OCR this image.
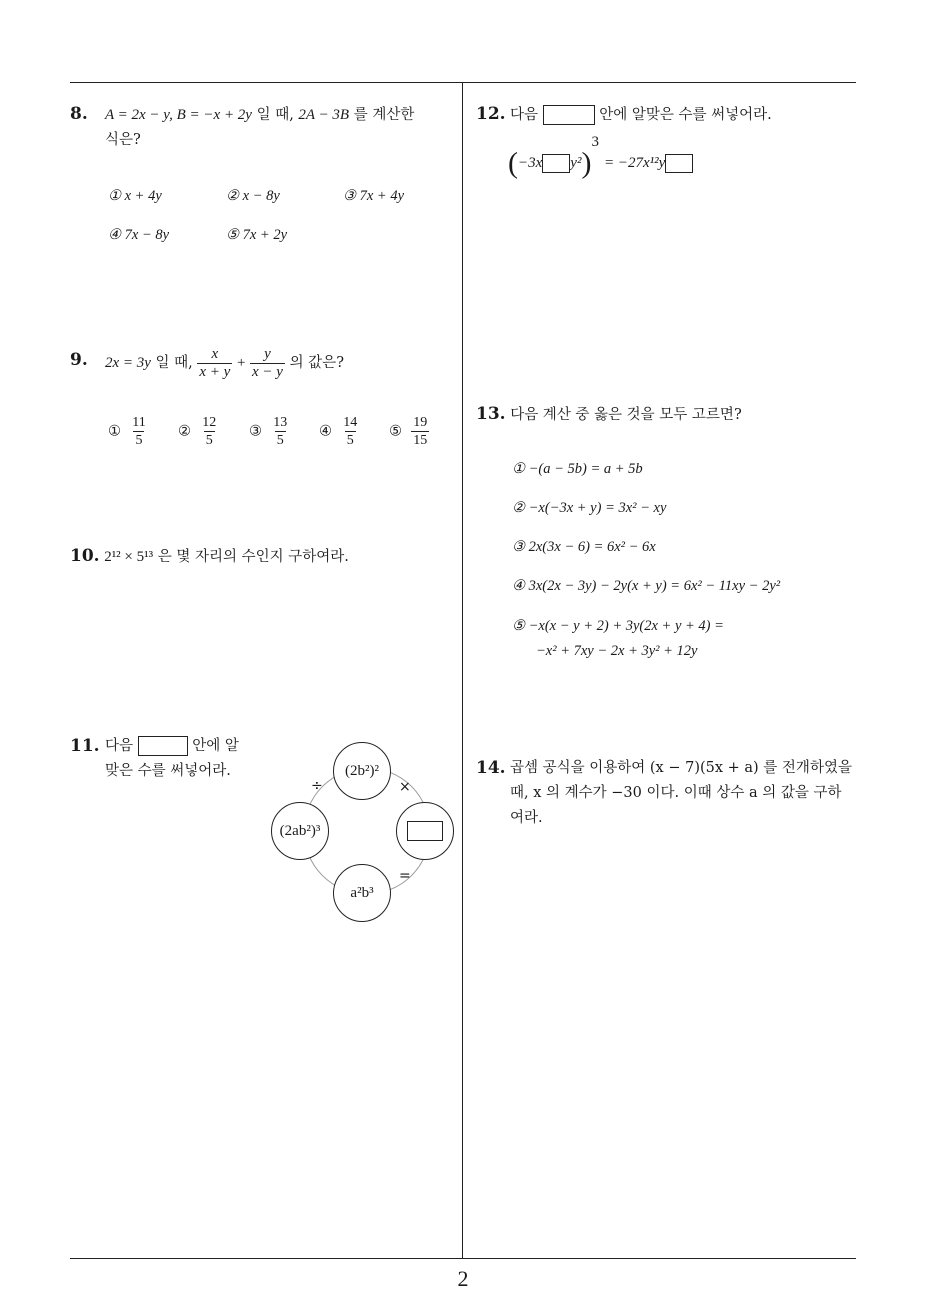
8. A = 2x − y, B = −x + 2y 일 때, 2A − 3B 를 계산한
식은?
① x + 4y	② x − 8y	③ 7x + 4y
④ 7x − 8y	⑤ 7x + 2y
9. 2x = 3y 일 때, $\frac{x}{x + y} + \frac{y}{x - y}$ 의 값은?
① $\frac{11}{5}$ ② $\frac{12}{5}$ ③ $\frac{13}{5}$ ④ $\frac{14}{5}$ ⑤ $\frac{19}{15}$
10. 2¹² × 5¹³ 은 몇 자리의 수인지 구하여라.
11. 다음	안에 알
맞은 수를 써넣어라.	(2b²)²
(2ab²)³
a²b³
÷	×
=
12. 다음	안에 알맞은 수를 써넣어라.
(−3x y²)$^3$ = −27x¹²y
13. 다음 계산 중 옳은 것을 모두 고르면?
① −(a − 5b) = a + 5b
② −x(−3x + y) = 3x² − xy
③ 2x(3x − 6) = 6x² − 6x
④ 3x(2x − 3y) − 2y(x + y) = 6x² − 11xy − 2y²
⑤ −x(x − y + 2) + 3y(2x + y + 4) =
−x² + 7xy − 2x + 3y² + 12y
14. 곱셈 공식을 이용하여 (x − 7)(5x + a) 를 전개하였을
때, x 의 계수가 −30 이다. 이때 상수 a 의 값을 구하
여라.
2
